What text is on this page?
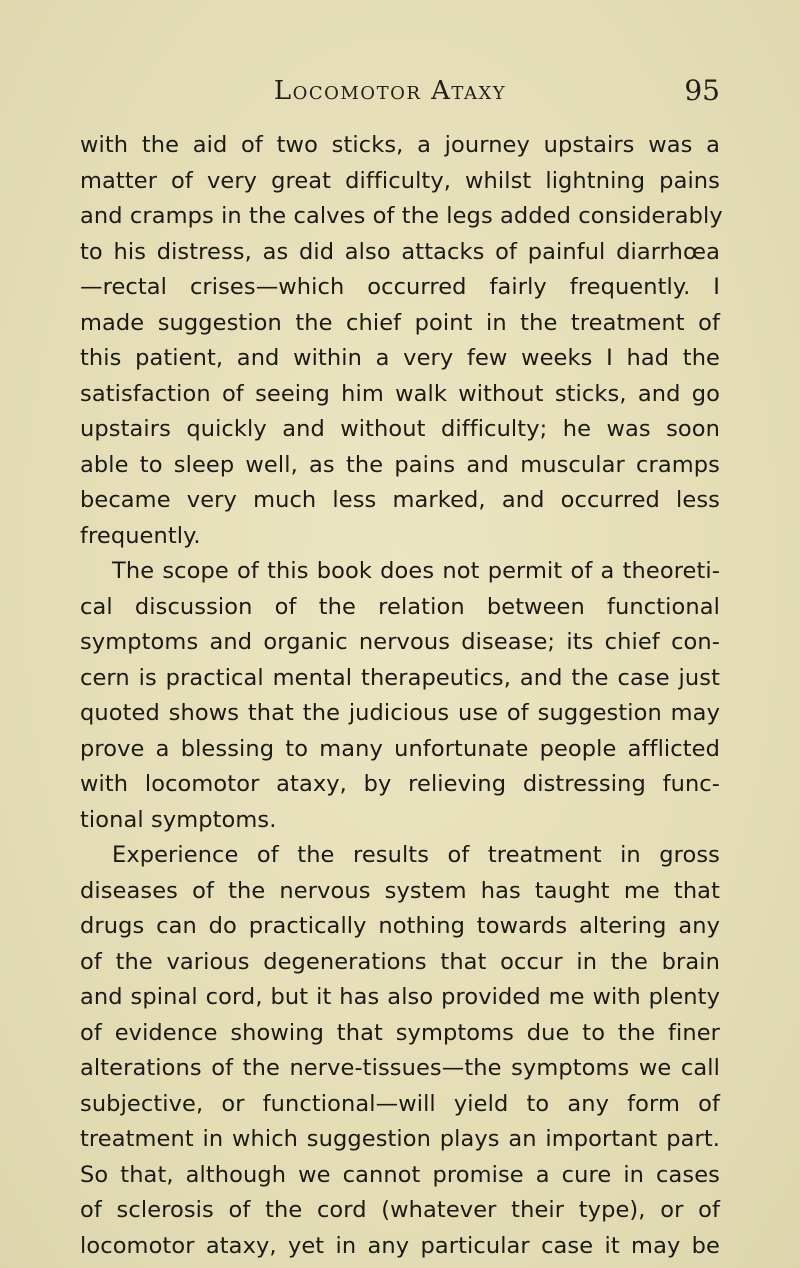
Locomotor Ataxy	95
with the aid of two sticks, a journey upstairs was a
matter of very great difficulty, whilst lightning pains
and cramps in the calves of the legs added considerably
to his distress, as did also attacks of painful diarrhœa
—rectal crises—which occurred fairly frequently. I
made suggestion the chief point in the treatment of
this patient, and within a very few weeks I had the
satisfaction of seeing him walk without sticks, and go
upstairs quickly and without difficulty; he was soon
able to sleep well, as the pains and muscular cramps
became very much less marked, and occurred less
frequently.
The scope of this book does not permit of a theoreti-
cal discussion of the relation between functional
symptoms and organic nervous disease; its chief con-
cern is practical mental therapeutics, and the case just
quoted shows that the judicious use of suggestion may
prove a blessing to many unfortunate people afflicted
with locomotor ataxy, by relieving distressing func-
tional symptoms.
Experience of the results of treatment in gross
diseases of the nervous system has taught me that
drugs can do practically nothing towards altering any
of the various degenerations that occur in the brain
and spinal cord, but it has also provided me with plenty
of evidence showing that symptoms due to the finer
alterations of the nerve-tissues—the symptoms we call
subjective, or functional—will yield to any form of
treatment in which suggestion plays an important part.
So that, although we cannot promise a cure in cases
of sclerosis of the cord (whatever their type), or of
locomotor ataxy, yet in any particular case it may be
